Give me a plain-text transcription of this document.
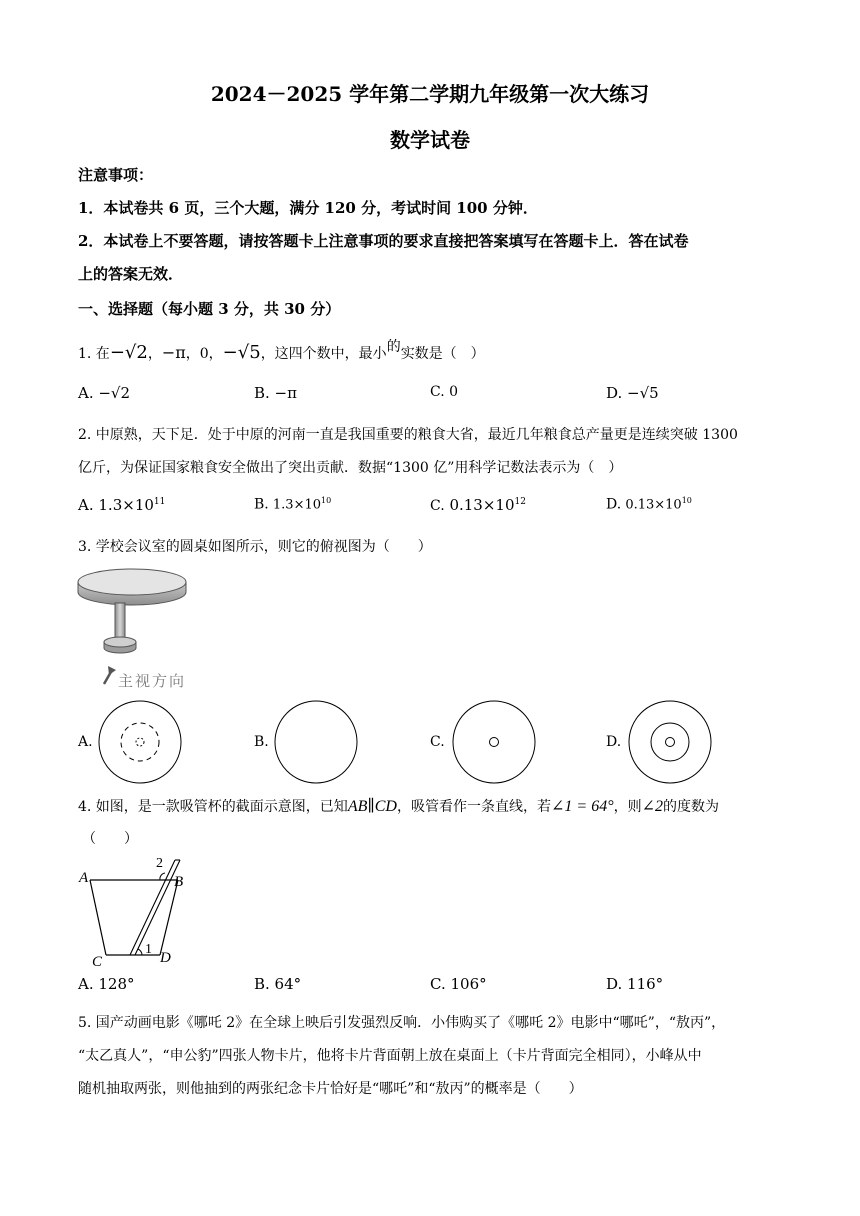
2024－2025 学年第二学期九年级第一次大练习
数学试卷
注意事项：
1．本试卷共 6 页，三个大题，满分 120 分，考试时间 100 分钟．
2．本试卷上不要答题，请按答题卡上注意事项的要求直接把答案填写在答题卡上．答在试卷
上的答案无效．
一、选择题（每小题 3 分，共 30 分）
1. 在−√2，−π，0，−√5，这四个数中，最小的实数是（　）
A. −√2	B. −π	C. 0	D. −√5
2. 中原熟，天下足．处于中原的河南一直是我国重要的粮食大省，最近几年粮食总产量更是连续突破 1300
亿斤，为保证国家粮食安全做出了突出贡献．数据“1300 亿”用科学记数法表示为（　）
A. $1.3\times 10^{11}$	B. $1.3\times 10^{10}$	C. $0.13\times 10^{12}$	D. $0.13\times 10^{10}$
3. 学校会议室的圆桌如图所示，则它的俯视图为（　　）
主视方向
A.	B.	C.	D.
4. 如图，是一款吸管杯的截面示意图，已知AB∥CD，吸管看作一条直线，若∠1 = 64°，则∠2的度数为
（　　）
A	B
C	D
1
2
A. 128°	B. 64°	C. 106°	D. 116°
5. 国产动画电影《哪吒 2》在全球上映后引发强烈反响．小伟购买了《哪吒 2》电影中“哪吒”，“敖丙”，
“太乙真人”，“申公豹”四张人物卡片，他将卡片背面朝上放在桌面上（卡片背面完全相同），小峰从中
随机抽取两张，则他抽到的两张纪念卡片恰好是“哪吒”和“敖丙”的概率是（　　）
